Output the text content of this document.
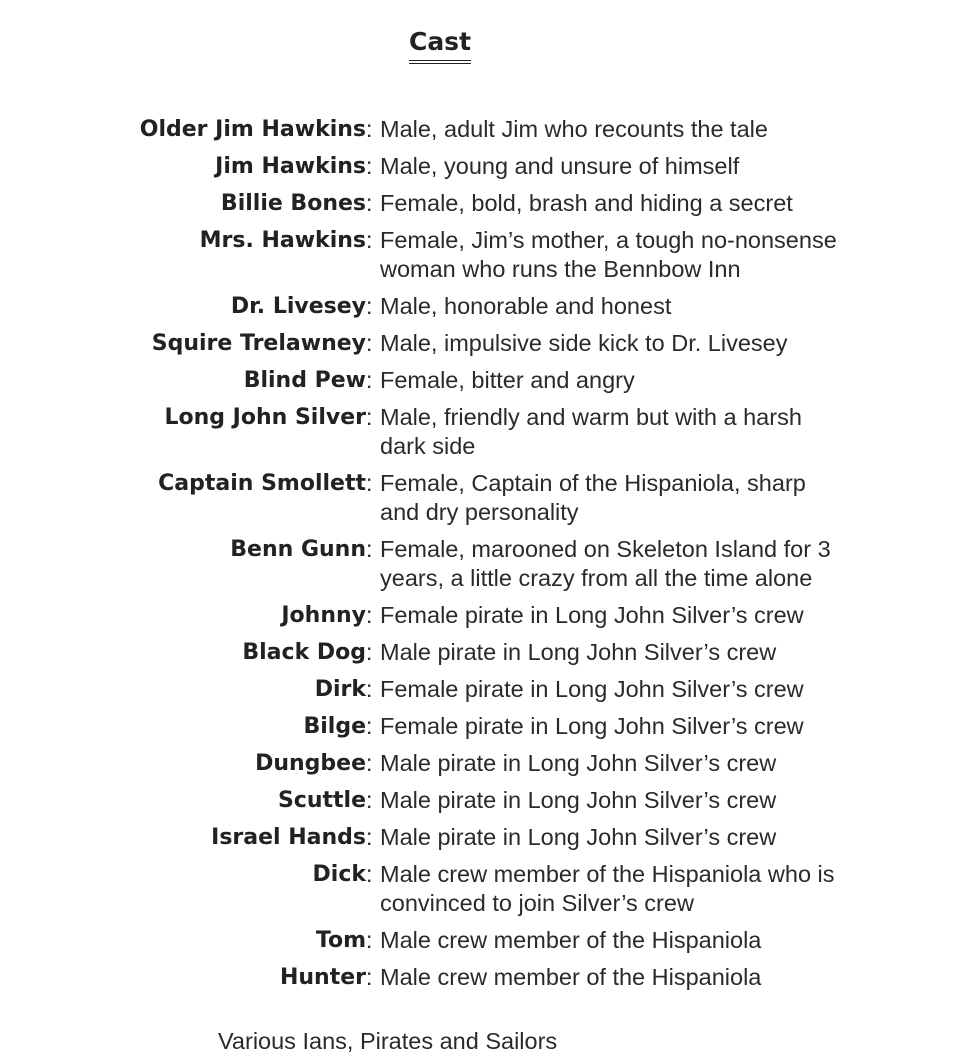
Cast
Older Jim Hawkins : Male, adult Jim who recounts the tale
Jim Hawkins : Male, young and unsure of himself
Billie Bones : Female, bold, brash and hiding a secret
Mrs. Hawkins : Female, Jim’s mother, a tough no-nonsense woman who runs the Bennbow Inn
Dr. Livesey : Male, honorable and honest
Squire Trelawney : Male, impulsive side kick to Dr. Livesey
Blind Pew : Female, bitter and angry
Long John Silver : Male, friendly and warm but with a harsh dark side
Captain Smollett : Female, Captain of the Hispaniola, sharp and dry personality
Benn Gunn : Female, marooned on Skeleton Island for 3 years, a little crazy from all the time alone
Johnny : Female pirate in Long John Silver’s crew
Black Dog : Male pirate in Long John Silver’s crew
Dirk : Female pirate in Long John Silver’s crew
Bilge : Female pirate in Long John Silver’s crew
Dungbee : Male pirate in Long John Silver’s crew
Scuttle : Male pirate in Long John Silver’s crew
Israel Hands : Male pirate in Long John Silver’s crew
Dick : Male crew member of the Hispaniola who is convinced to join Silver’s crew
Tom : Male crew member of the Hispaniola
Hunter : Male crew member of the Hispaniola
Various Ians, Pirates and Sailors
